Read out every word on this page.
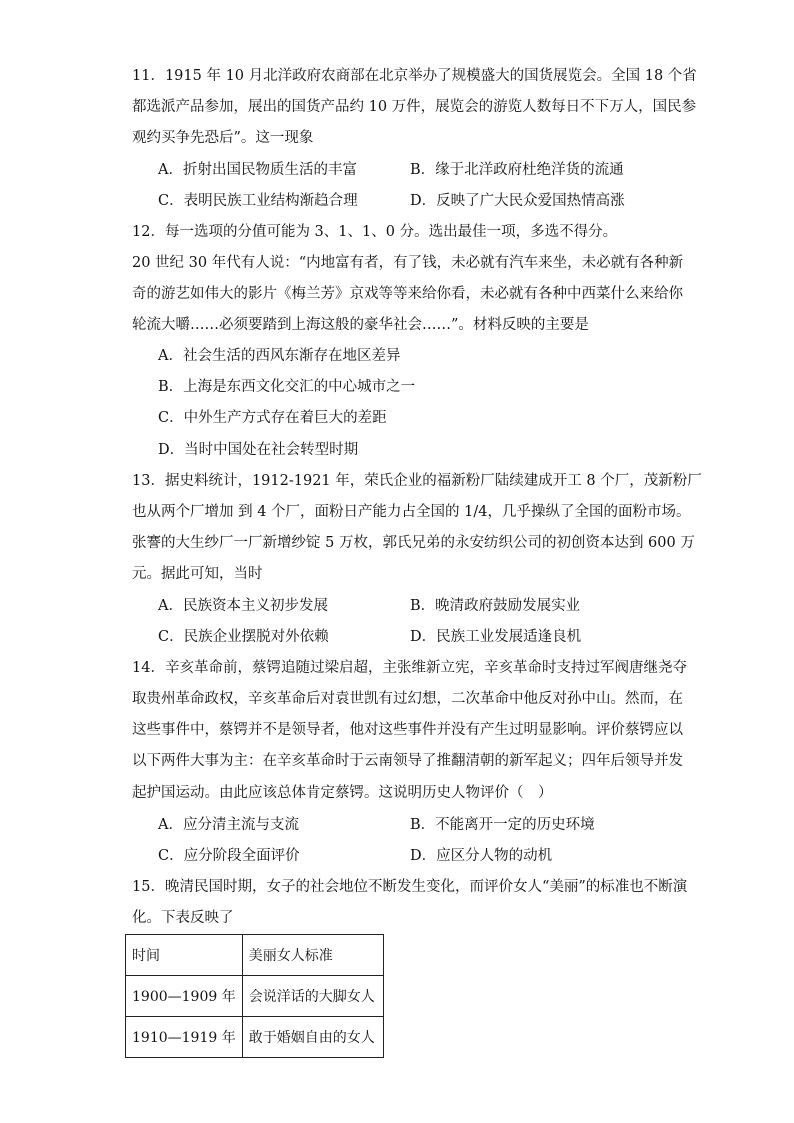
11．1915 年 10 月北洋政府农商部在北京举办了规模盛大的国货展览会。全国 18 个省
都选派产品参加，展出的国货产品约 10 万件，展览会的游览人数每日不下万人，国民参
观约买争先恐后”。这一现象
A．折射出国民物质生活的丰富	B．缘于北洋政府杜绝洋货的流通
C．表明民族工业结构渐趋合理	D．反映了广大民众爱国热情高涨
12．每一选项的分值可能为 3、1、1、0 分。选出最佳一项，多选不得分。
20 世纪 30 年代有人说：“内地富有者，有了钱，未必就有汽车来坐，未必就有各种新
奇的游艺如伟大的影片《梅兰芳》京戏等等来给你看，未必就有各种中西菜什么来给你
轮流大嚼……必须要踏到上海这般的豪华社会……”。材料反映的主要是
A．社会生活的西风东渐存在地区差异
B．上海是东西文化交汇的中心城市之一
C．中外生产方式存在着巨大的差距
D．当时中国处在社会转型时期
13．据史料统计，1912-1921 年，荣氏企业的福新粉厂陆续建成开工 8 个厂，茂新粉厂
也从两个厂增加 到 4 个厂，面粉日产能力占全国的 1/4，几乎操纵了全国的面粉市场。
张謇的大生纱厂一厂新增纱锭 5 万枚，郭氏兄弟的永安纺织公司的初创资本达到 600 万
元。据此可知，当时
A．民族资本主义初步发展	B．晚清政府鼓励发展实业
C．民族企业摆脱对外依赖	D．民族工业发展适逢良机
14．辛亥革命前，蔡锷追随过梁启超，主张维新立宪，辛亥革命时支持过军阀唐继尧夺
取贵州革命政权，辛亥革命后对袁世凯有过幻想，二次革命中他反对孙中山。然而，在
这些事件中，蔡锷并不是领导者，他对这些事件并没有产生过明显影响。评价蔡锷应以
以下两件大事为主：在辛亥革命时于云南领导了推翻清朝的新军起义；四年后领导并发
起护国运动。由此应该总体肯定蔡锷。这说明历史人物评价（　）
A．应分清主流与支流	B．不能离开一定的历史环境
C．应分阶段全面评价	D．应区分人物的动机
15．晚清民国时期，女子的社会地位不断发生变化，而评价女人“美丽”的标准也不断演
化。下表反映了
时间	美丽女人标准
1900—1909 年	会说洋话的大脚女人
1910—1919 年	敢于婚姻自由的女人
